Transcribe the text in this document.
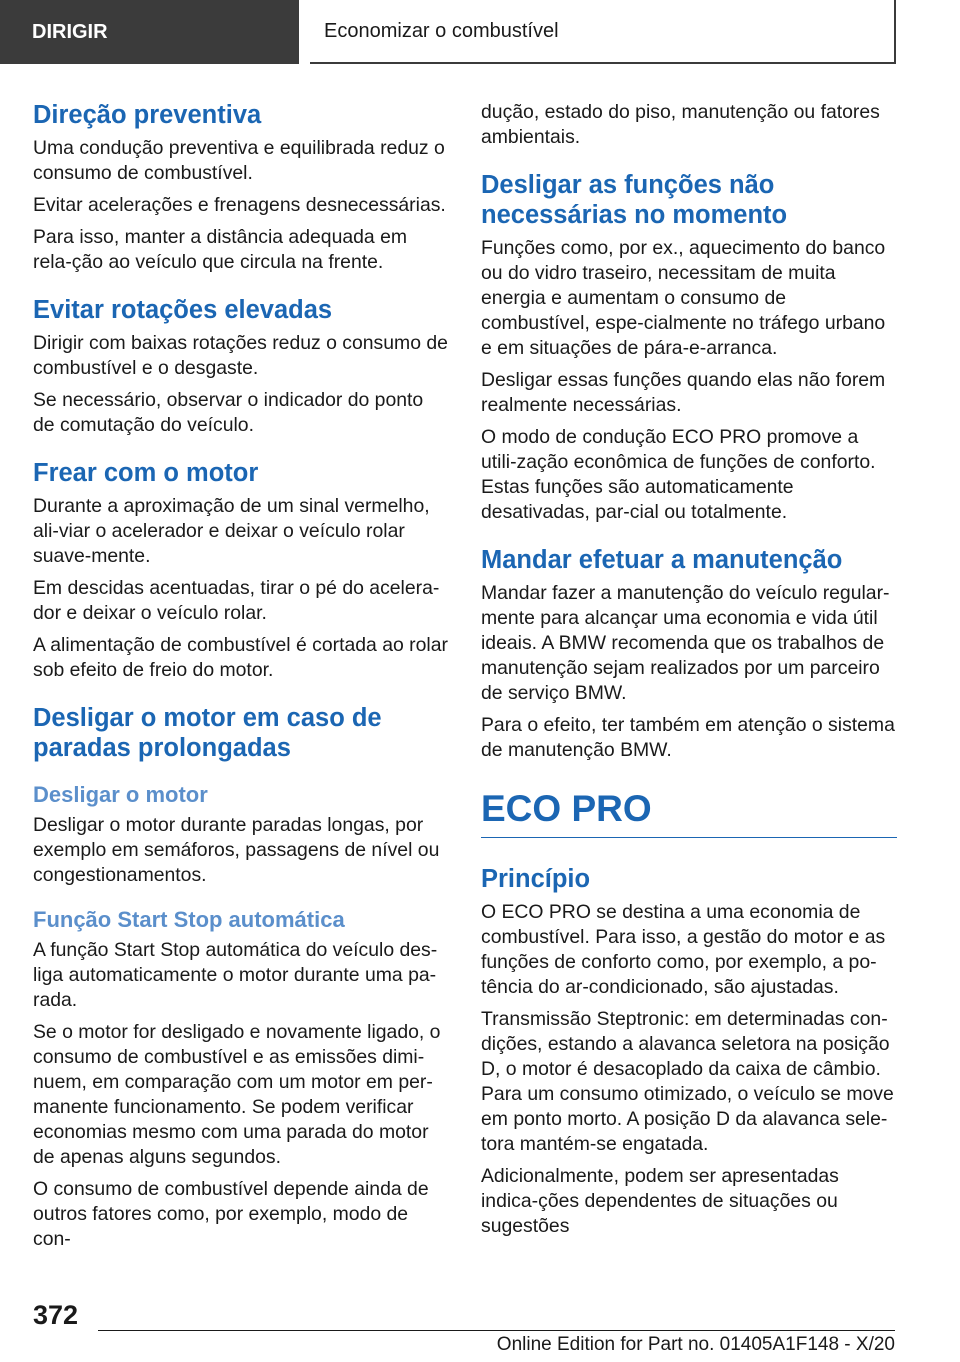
DIRIGIR	Economizar o combustível
Direção preventiva

Uma condução preventiva e equilibrada reduz o consumo de combustível.

Evitar acelerações e frenagens desnecessárias.

Para isso, manter a distância adequada em rela‐ção ao veículo que circula na frente.

Evitar rotações elevadas

Dirigir com baixas rotações reduz o consumo de combustível e o desgaste.

Se necessário, observar o indicador do ponto de comutação do veículo.

Frear com o motor

Durante a aproximação de um sinal vermelho, ali‐viar o acelerador e deixar o veículo rolar suave‐mente.

Em descidas acentuadas, tirar o pé do acelera‐dor e deixar o veículo rolar.

A alimentação de combustível é cortada ao rolar sob efeito de freio do motor.

Desligar o motor em caso de paradas prolongadas
Desligar o motor

Desligar o motor durante paradas longas, por exemplo em semáforos, passagens de nível ou congestionamentos.

Função Start Stop automática

A função Start Stop automática do veículo des‐liga automaticamente o motor durante uma pa‐rada.

Se o motor for desligado e novamente ligado, o consumo de combustível e as emissões dimi‐nuem, em comparação com um motor em per‐manente funcionamento. Se podem verificar economias mesmo com uma parada do motor de apenas alguns segundos.

O consumo de combustível depende ainda de outros fatores como, por exemplo, modo de con‐

dução, estado do piso, manutenção ou fatores ambientais.

Desligar as funções não necessárias no momento

Funções como, por ex., aquecimento do banco ou do vidro traseiro, necessitam de muita energia e aumentam o consumo de combustível, espe‐cialmente no tráfego urbano e em situações de pára-e-arranca.

Desligar essas funções quando elas não forem realmente necessárias.

O modo de condução ECO PRO promove a utili‐zação econômica de funções de conforto. Estas funções são automaticamente desativadas, par‐cial ou totalmente.

Mandar efetuar a manutenção

Mandar fazer a manutenção do veículo regular‐mente para alcançar uma economia e vida útil ideais. A BMW recomenda que os trabalhos de manutenção sejam realizados por um parceiro de serviço BMW.

Para o efeito, ter também em atenção o sistema de manutenção BMW.

ECO PRO
Princípio

O ECO PRO se destina a uma economia de combustível. Para isso, a gestão do motor e as funções de conforto como, por exemplo, a po‐tência do ar-condicionado, são ajustadas.

Transmissão Steptronic: em determinadas con‐dições, estando a alavanca seletora na posição D, o motor é desacoplado da caixa de câmbio. Para um consumo otimizado, o veículo se move em ponto morto. A posição D da alavanca sele‐tora mantém-se engatada.

Adicionalmente, podem ser apresentadas indica‐ções dependentes de situações ou sugestões

372
Online Edition for Part no. 01405A1F148 - X/20
